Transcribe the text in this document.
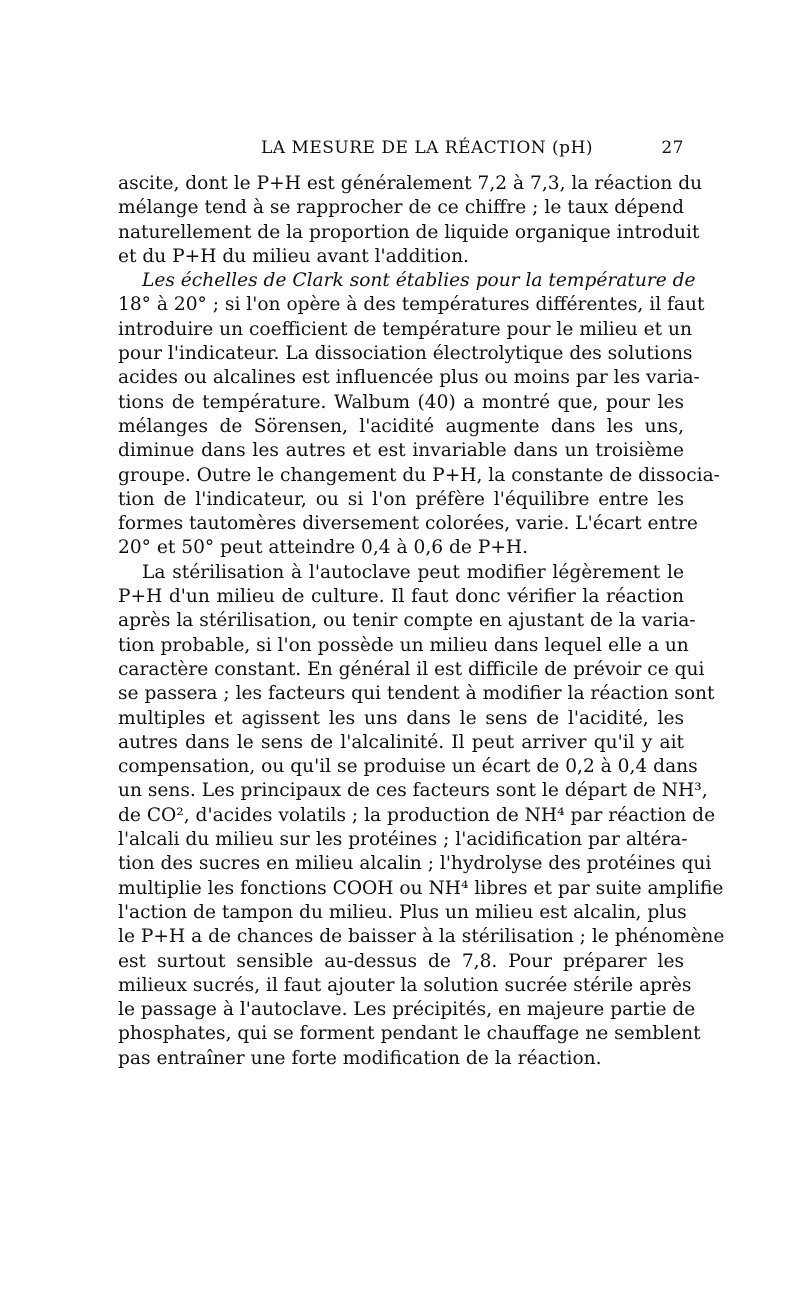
LA MESURE DE LA RÉACTION (pH)	27
ascite, dont le P+H est généralement 7,2 à 7,3, la réaction du
mélange tend à se rapprocher de ce chiffre ; le taux dépend
naturellement de la proportion de liquide organique introduit
et du P+H du milieu avant l'addition.
Les échelles de Clark sont établies pour la température de
18° à 20° ; si l'on opère à des températures différentes, il faut
introduire un coefficient de température pour le milieu et un
pour l'indicateur. La dissociation électrolytique des solutions
acides ou alcalines est influencée plus ou moins par les varia-
tions de température. Walbum (40) a montré que, pour les
mélanges de Sörensen, l'acidité augmente dans les uns,
diminue dans les autres et est invariable dans un troisième
groupe. Outre le changement du P+H, la constante de dissocia-
tion de l'indicateur, ou si l'on préfère l'équilibre entre les
formes tautomères diversement colorées, varie. L'écart entre
20° et 50° peut atteindre 0,4 à 0,6 de P+H.
La stérilisation à l'autoclave peut modifier légèrement le
P+H d'un milieu de culture. Il faut donc vérifier la réaction
après la stérilisation, ou tenir compte en ajustant de la varia-
tion probable, si l'on possède un milieu dans lequel elle a un
caractère constant. En général il est difficile de prévoir ce qui
se passera ; les facteurs qui tendent à modifier la réaction sont
multiples et agissent les uns dans le sens de l'acidité, les
autres dans le sens de l'alcalinité. Il peut arriver qu'il y ait
compensation, ou qu'il se produise un écart de 0,2 à 0,4 dans
un sens. Les principaux de ces facteurs sont le départ de NH³,
de CO², d'acides volatils ; la production de NH⁴ par réaction de
l'alcali du milieu sur les protéines ; l'acidification par altéra-
tion des sucres en milieu alcalin ; l'hydrolyse des protéines qui
multiplie les fonctions COOH ou NH⁴ libres et par suite amplifie
l'action de tampon du milieu. Plus un milieu est alcalin, plus
le P+H a de chances de baisser à la stérilisation ; le phénomène
est surtout sensible au-dessus de 7,8. Pour préparer les
milieux sucrés, il faut ajouter la solution sucrée stérile après
le passage à l'autoclave. Les précipités, en majeure partie de
phosphates, qui se forment pendant le chauffage ne semblent
pas entraîner une forte modification de la réaction.
